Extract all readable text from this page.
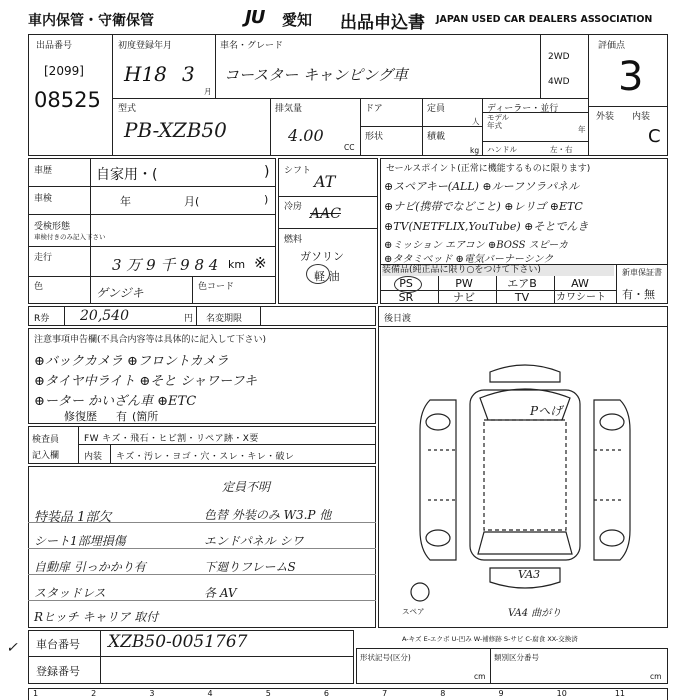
車内保管・守衛保管	JU 愛知 出品申込書 JAPAN USED CAR DEALERS ASSOCIATION
出品番号
[2099]
08525
初度登録年月
H18 3
月
車名・グレード
コースター キャンピング車
2WD
4WD
評価点
3
外装 内装
C
型式
PB-XZB50
排気量
4.00
CC
ドア
形状
定員
人
積載
kg
ディーラー・並行
モデル
年式	年
ハンドル	左・右
車歴	自家用・(	)
車検	年	月(	)
受検形態
車検付きのみ記入下さい
走行	3 万 9 千 9 8 4 km ※
色	ゲンジキ	色コード
シフト
AT
冷房 AAC
燃料
ガソリン
軽 油
セールスポイント(正常に機能するものに限ります)
⊕スペアキー(ALL) ⊕ルーフソラパネル
⊕ナビ(携帯でなどこと) ⊕レリゴ ⊕ETC
⊕TV(NETFLIX,YouTube) ⊕そとでんき
⊕ミッション エアコン ⊕BOSS スピーカ
⊕タタミベッド ⊕電気バーナーシンク
装備品(純正品に限り○をつけて下さい)	新車保証書
有・無
PS	PW	エアB	AW
SR	ナビ	TV	カワシート
R券 20,540	円 名変期限
注意事項申告欄(不具合内容等は具体的に記入して下さい)
⊕バックカメラ ⊕フロントカメラ
⊕タイヤ中ライト ⊕そと シャワーフキ
⊕ーター かいざん車 ⊕ETC
修復歴 有 (箇所
後日渡
Pへげ
VA3
VA4 曲がり
スペア
検査員
記入欄
FW キズ・飛石・ヒビ割・リペア跡・X要
内装 キズ・汚レ・ヨゴ・穴・スレ・キレ・破レ
定員不明
特装品 1部欠	色替 外装のみ W3.P 他
シート1部埋損傷	エンドパネル シワ
自動扉 引っかかり有	下廻りフレームS
スタッドレス	各 AV
Rヒッチ キャリア 取付
車台番号 XZB50-0051767
登録番号
A-キズ E-エクボ U-凹み W-補修跡 S-サビ C-腐食 XX-交換済
形状記号(区分)	類別区分番号
cm	cm
1	2	3	4	5	6	7	8	9	10	11
✓
